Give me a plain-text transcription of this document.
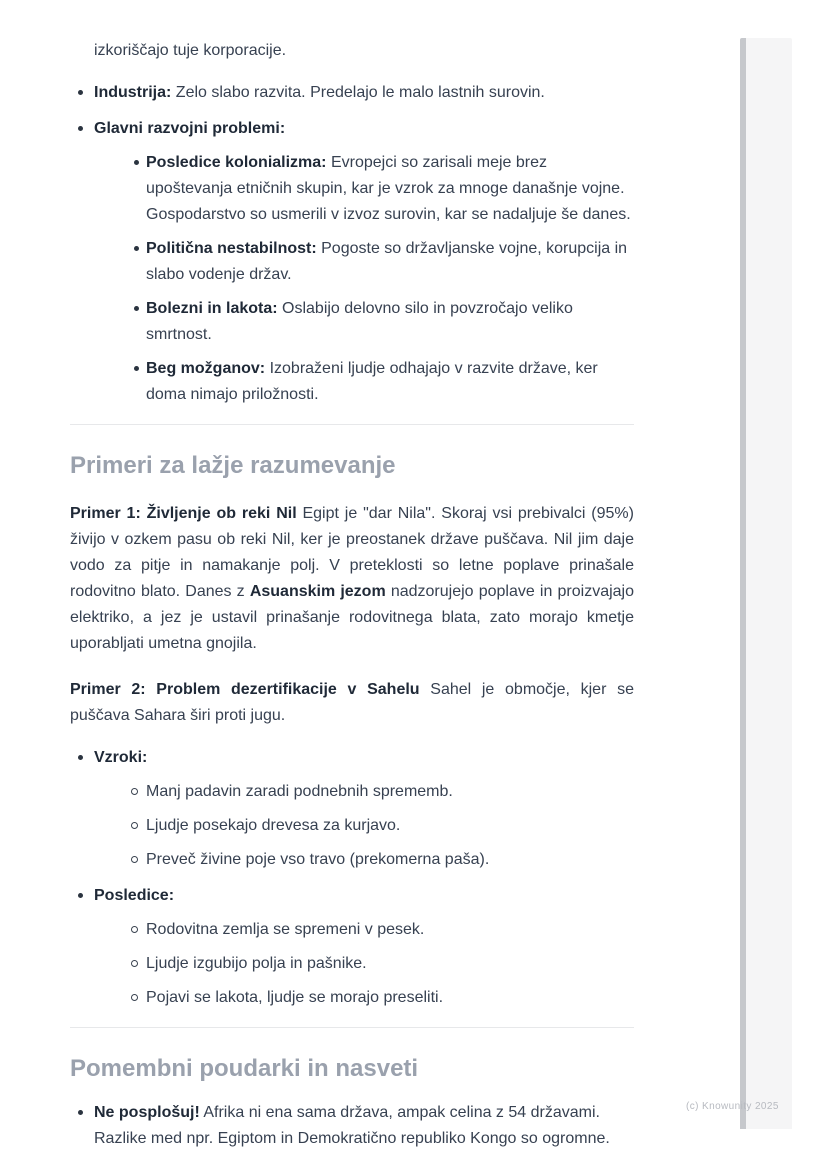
izkoriščajo tuje korporacije.

Industrija: Zelo slabo razvita. Predelajo le malo lastnih surovin.
Glavni razvojni problemi:
Posledice kolonializma: Evropejci so zarisali meje brez upoštevanja etničnih skupin, kar je vzrok za mnoge današnje vojne. Gospodarstvo so usmerili v izvoz surovin, kar se nadaljuje še danes.
Politična nestabilnost: Pogoste so državljanske vojne, korupcija in slabo vodenje držav.
Bolezni in lakota: Oslabijo delovno silo in povzročajo veliko smrtnost.
Beg možganov: Izobraženi ljudje odhajajo v razvite države, ker doma nimajo priložnosti.
Primeri za lažje razumevanje

Primer 1: Življenje ob reki Nil Egipt je "dar Nila". Skoraj vsi prebivalci (95%) živijo v ozkem pasu ob reki Nil, ker je preostanek države puščava. Nil jim daje vodo za pitje in namakanje polj. V preteklosti so letne poplave prinašale rodovitno blato. Danes z Asuanskim jezom nadzorujejo poplave in proizvajajo elektriko, a jez je ustavil prinašanje rodovitnega blata, zato morajo kmetje uporabljati umetna gnojila.

Primer 2: Problem dezertifikacije v Sahelu Sahel je območje, kjer se puščava Sahara širi proti jugu.

Vzroki:
Manj padavin zaradi podnebnih sprememb.
Ljudje posekajo drevesa za kurjavo.
Preveč živine poje vso travo (prekomerna paša).
Posledice:
Rodovitna zemlja se spremeni v pesek.
Ljudje izgubijo polja in pašnike.
Pojavi se lakota, ljudje se morajo preseliti.
Pomembni poudarki in nasveti
Ne posplošuj! Afrika ni ena sama država, ampak celina z 54 državami. Razlike med npr. Egiptom in Demokratično republiko Kongo so ogromne.
(c) Knowunity 2025
